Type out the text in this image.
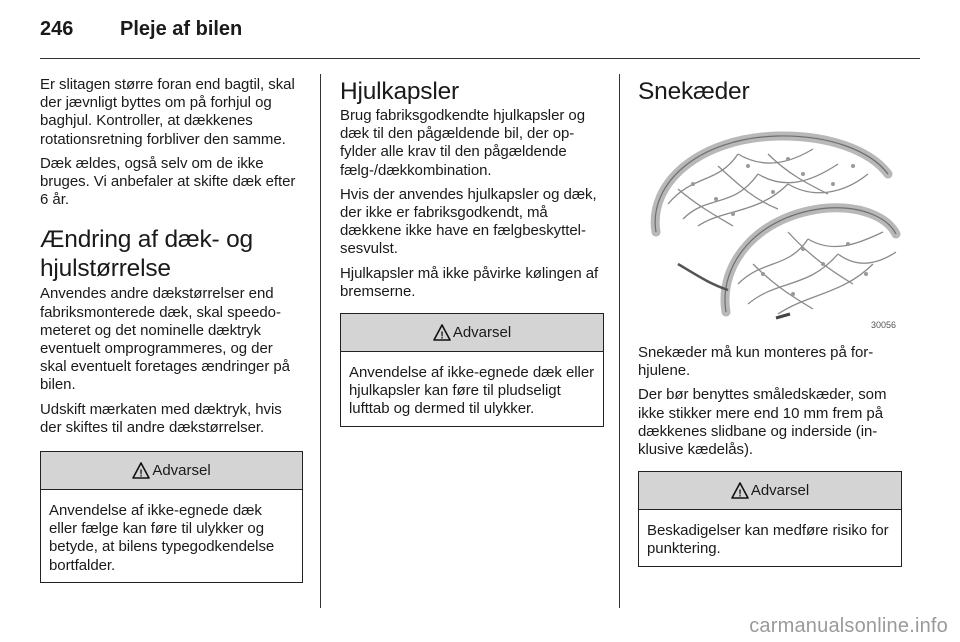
246	Pleje af bilen

Er slitagen større foran end bagtil, skal der jævnligt byttes om på forhjul og baghjul. Kontroller, at dækkenes rotationsretning forbliver den samme.

Dæk ældes, også selv om de ikke bruges. Vi anbefaler at skifte dæk efter 6 år.

Ændring af dæk- og hjulstørrelse

Anvendes andre dækstørrelser end fabriksmonterede dæk, skal speedometeret og det nominelle dæktryk eventuelt omprogrammeres, og der skal eventuelt foretages ændringer på bilen.

Udskift mærkaten med dæktryk, hvis der skiftes til andre dækstørrelser.

! Advarsel

Anvendelse af ikke-egnede dæk eller fælge kan føre til ulykker og betyde, at bilens typegodkendelse bortfalder.

Hjulkapsler

Brug fabriksgodkendte hjulkapsler og dæk til den pågældende bil, der opfylder alle krav til den pågældende fælg-/dækkombination.

Hvis der anvendes hjulkapsler og dæk, der ikke er fabriksgodkendt, må dækkene ikke have en fælgbeskyttelsesvulst.

Hjulkapsler må ikke påvirke kølingen af bremserne.

! Advarsel

Anvendelse af ikke-egnede dæk eller hjulkapsler kan føre til pludseligt lufttab og dermed til ulykker.

Snekæder
30056

Snekæder må kun monteres på forhjulene.

Der bør benyttes småledskæder, som ikke stikker mere end 10 mm frem på dækkenes slidbane og inderside (inklusive kædelås).

! Advarsel

Beskadigelser kan medføre risiko for punktering.

carmanualsonline.info
